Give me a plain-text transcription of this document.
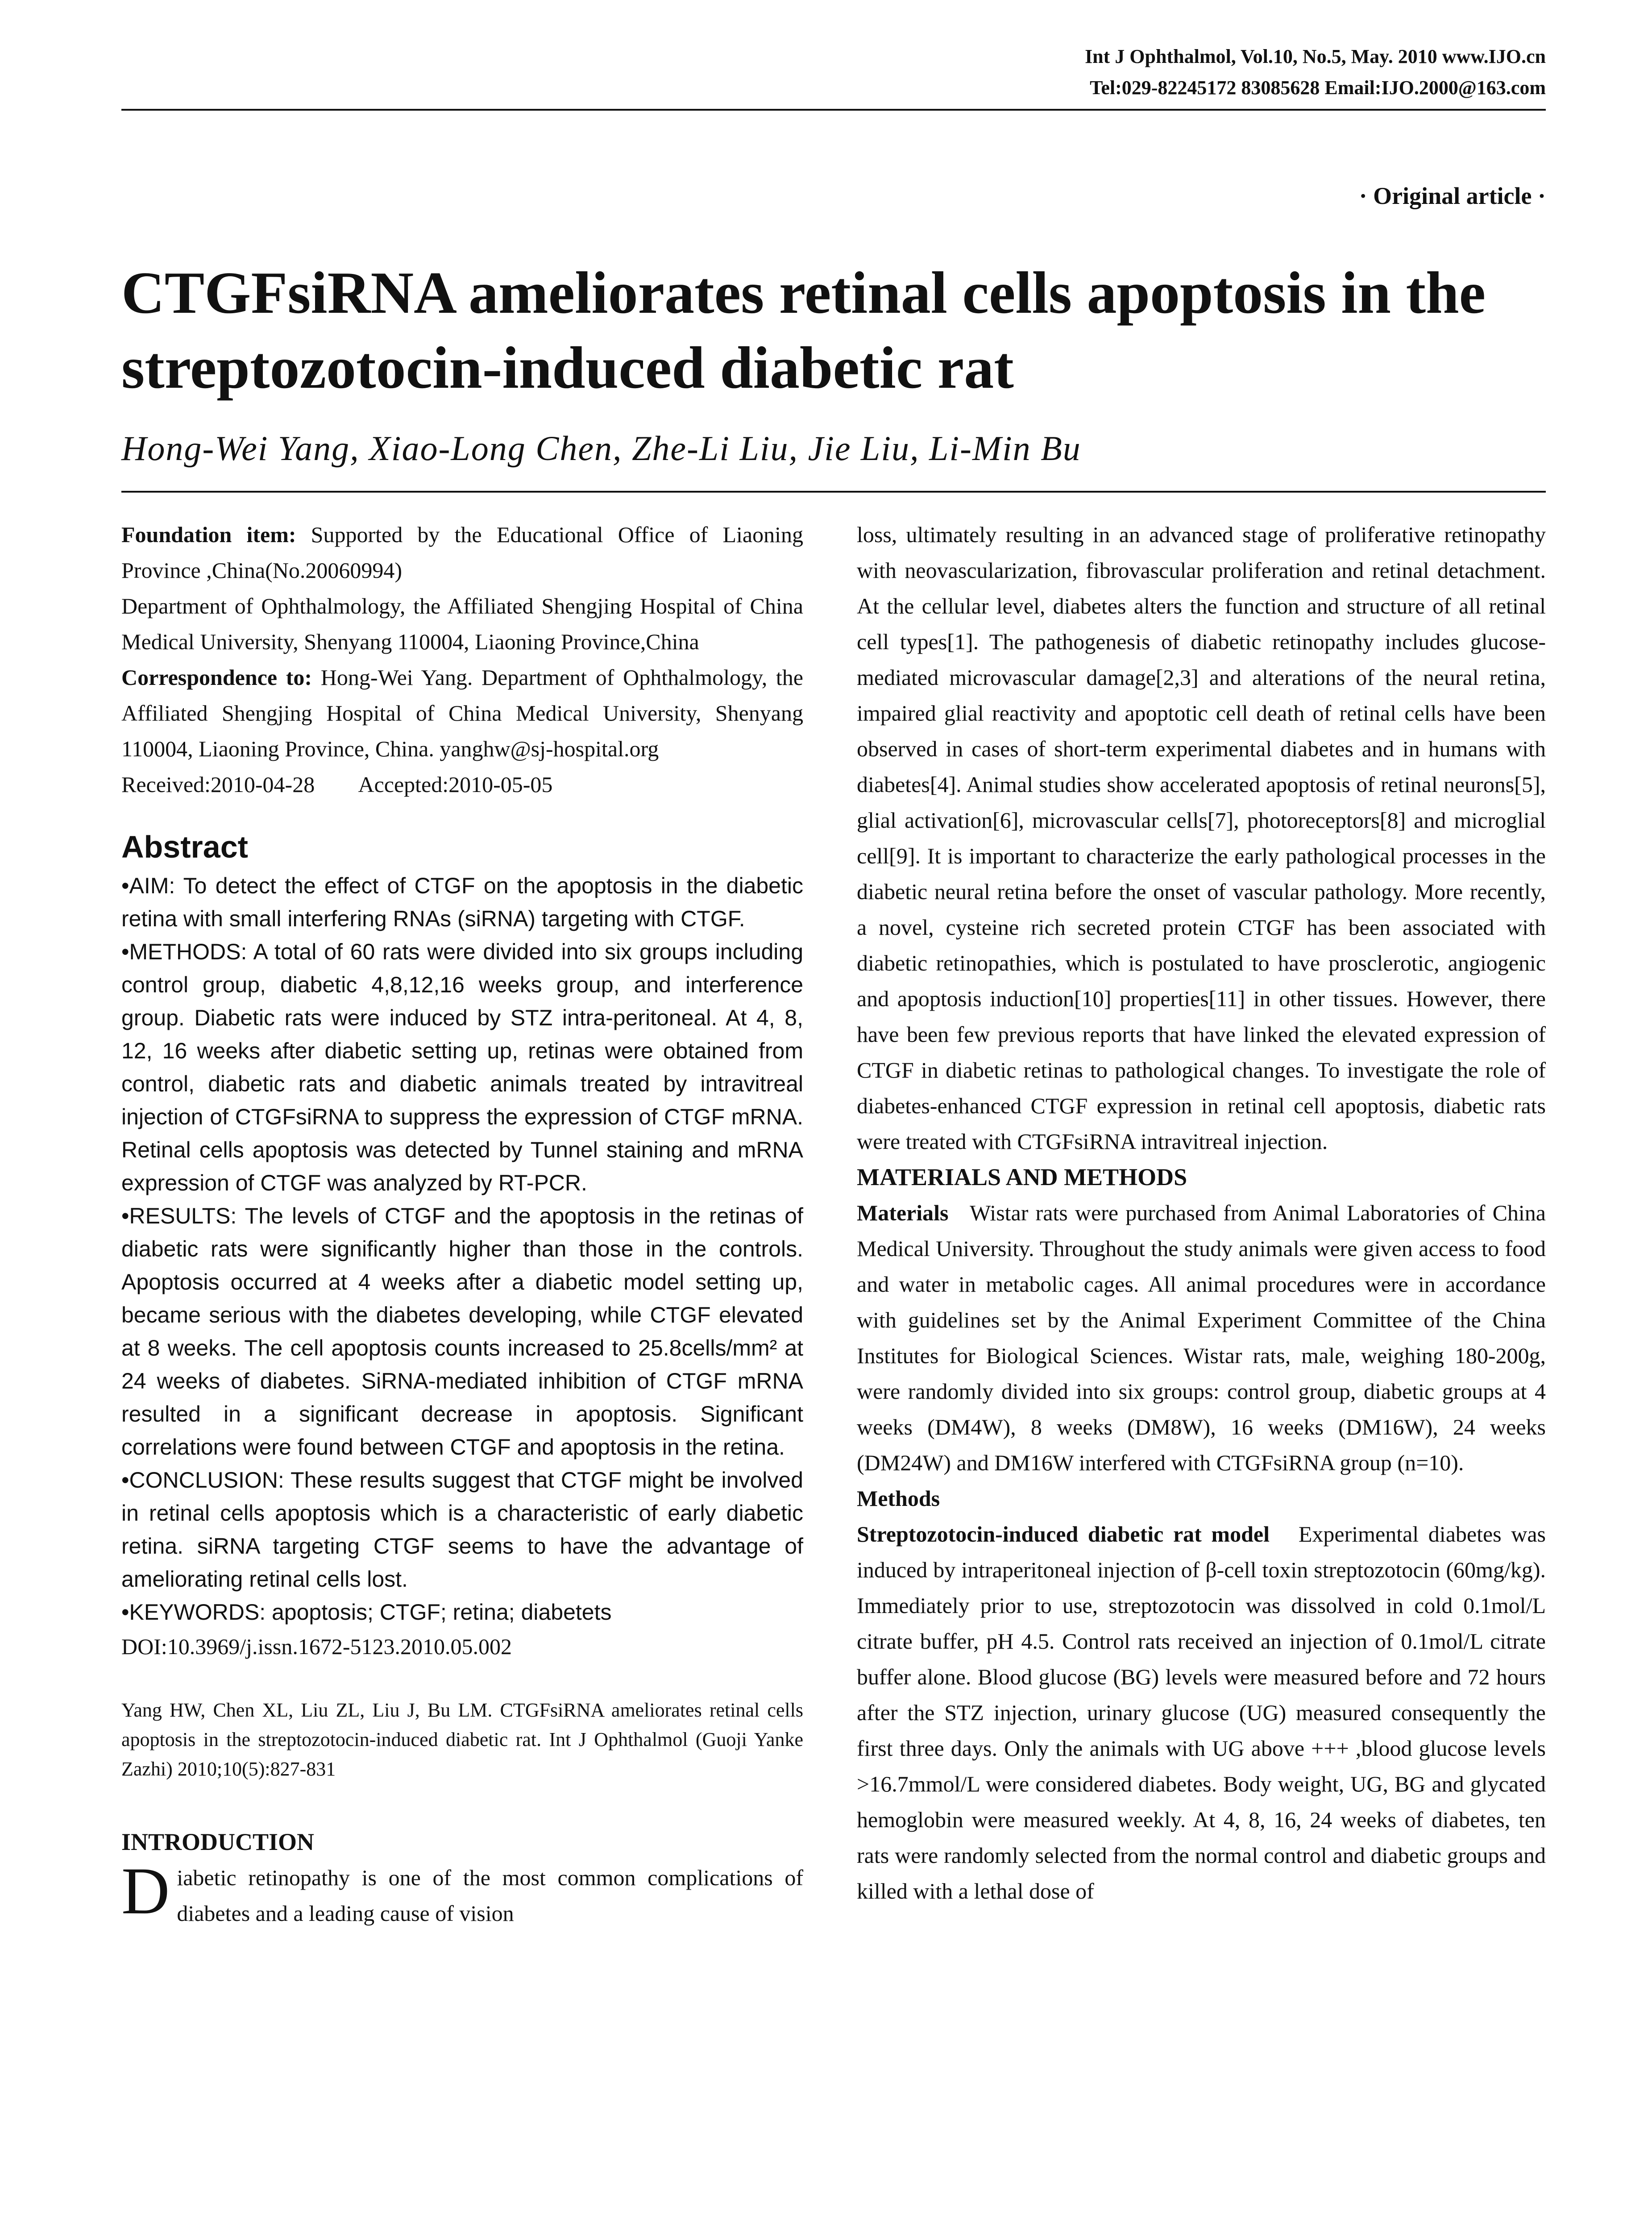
Int J Ophthalmol, Vol.10, No.5, May. 2010 www.IJO.cn
Tel:029-82245172 83085628 Email:IJO.2000@163.com
· Original article ·
CTGFsiRNA ameliorates retinal cells apoptosis in the streptozotocin-induced diabetic rat
Hong-Wei Yang, Xiao-Long Chen, Zhe-Li Liu, Jie Liu, Li-Min Bu

Foundation item: Supported by the Educational Office of Liaoning Province ,China(No.20060994)

Department of Ophthalmology, the Affiliated Shengjing Hospital of China Medical University, Shenyang 110004, Liaoning Province,China

Correspondence to: Hong-Wei Yang. Department of Ophthalmology, the Affiliated Shengjing Hospital of China Medical University, Shenyang 110004, Liaoning Province, China. yanghw@sj-hospital.org

Received:2010-04-28        Accepted:2010-05-05

Abstract

•AIM: To detect the effect of CTGF on the apoptosis in the diabetic retina with small interfering RNAs (siRNA) targeting with CTGF.

•METHODS: A total of 60 rats were divided into six groups including control group, diabetic 4,8,12,16 weeks group, and interference group. Diabetic rats were induced by STZ intra-peritoneal. At 4, 8, 12, 16 weeks after diabetic setting up, retinas were obtained from control, diabetic rats and diabetic animals treated by intravitreal injection of CTGFsiRNA to suppress the expression of CTGF mRNA. Retinal cells apoptosis was detected by Tunnel staining and mRNA expression of CTGF was analyzed by RT-PCR.

•RESULTS: The levels of CTGF and the apoptosis in the retinas of diabetic rats were significantly higher than those in the controls. Apoptosis occurred at 4 weeks after a diabetic model setting up, became serious with the diabetes developing, while CTGF elevated at 8 weeks. The cell apoptosis counts increased to 25.8cells/mm² at 24 weeks of diabetes. SiRNA-mediated inhibition of CTGF mRNA resulted in a significant decrease in apoptosis. Significant correlations were found between CTGF and apoptosis in the retina.

•CONCLUSION: These results suggest that CTGF might be involved in retinal cells apoptosis which is a characteristic of early diabetic retina. siRNA targeting CTGF seems to have the advantage of ameliorating retinal cells lost.

•KEYWORDS: apoptosis; CTGF; retina; diabetets

DOI:10.3969/j.issn.1672-5123.2010.05.002

Yang HW, Chen XL, Liu ZL, Liu J, Bu LM. CTGFsiRNA ameliorates retinal cells apoptosis in the streptozotocin-induced diabetic rat. Int J Ophthalmol (Guoji Yanke Zazhi) 2010;10(5):827-831

INTRODUCTION

Diabetic retinopathy is one of the most common complications of diabetes and a leading cause of vision

loss, ultimately resulting in an advanced stage of proliferative retinopathy with neovascularization, fibrovascular proliferation and retinal detachment. At the cellular level, diabetes alters the function and structure of all retinal cell types[1]. The pathogenesis of diabetic retinopathy includes glucose-mediated microvascular damage[2,3] and alterations of the neural retina, impaired glial reactivity and apoptotic cell death of retinal cells have been observed in cases of short-term experimental diabetes and in humans with diabetes[4]. Animal studies show accelerated apoptosis of retinal neurons[5], glial activation[6], microvascular cells[7], photoreceptors[8] and microglial cell[9]. It is important to characterize the early pathological processes in the diabetic neural retina before the onset of vascular pathology. More recently, a novel, cysteine rich secreted protein CTGF has been associated with diabetic retinopathies, which is postulated to have prosclerotic, angiogenic and apoptosis induction[10] properties[11] in other tissues. However, there have been few previous reports that have linked the elevated expression of CTGF in diabetic retinas to pathological changes. To investigate the role of diabetes-enhanced CTGF expression in retinal cell apoptosis, diabetic rats were treated with CTGFsiRNA intravitreal injection.

MATERIALS AND METHODS

Materials   Wistar rats were purchased from Animal Laboratories of China Medical University. Throughout the study animals were given access to food and water in metabolic cages. All animal procedures were in accordance with guidelines set by the Animal Experiment Committee of the China Institutes for Biological Sciences. Wistar rats, male, weighing 180-200g, were randomly divided into six groups: control group, diabetic groups at 4 weeks (DM4W), 8 weeks (DM8W), 16 weeks (DM16W), 24 weeks (DM24W) and DM16W interfered with CTGFsiRNA group (n=10).

Methods

Streptozotocin-induced diabetic rat model   Experimental diabetes was induced by intraperitoneal injection of β-cell toxin streptozotocin (60mg/kg). Immediately prior to use, streptozotocin was dissolved in cold 0.1mol/L citrate buffer, pH 4.5. Control rats received an injection of 0.1mol/L citrate buffer alone. Blood glucose (BG) levels were measured before and 72 hours after the STZ injection, urinary glucose (UG) measured consequently the first three days. Only the animals with UG above +++ ,blood glucose levels >16.7mmol/L were considered diabetes. Body weight, UG, BG and glycated hemoglobin were measured weekly. At 4, 8, 16, 24 weeks of diabetes, ten rats were randomly selected from the normal control and diabetic groups and killed with a lethal dose of
